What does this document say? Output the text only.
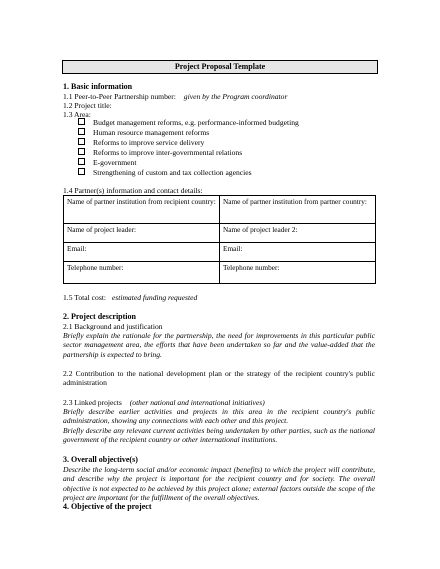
Project Proposal Template
1. Basic information
1.1 Peer-to-Peer Partnership number: given by the Program coordinator
1.2 Project title:
1.3 Area:
Budget management reforms, e.g. performance-informed budgeting
Human resource management reforms
Reforms to improve service delivery
Reforms to improve inter-governmental relations
E-government
Strengthening of custom and tax collection agencies
1.4 Partner(s) information and contact details:
Name of partner institution from recipient country:	Name of partner institution from partner country:
Name of project leader:	Name of project leader 2:
Email:	Email:
Telephone number:	Telephone number:
1.5 Total cost: estimated funding requested
2. Project description
2.1 Background and justification
Briefly explain the rationale for the partnership, the need for improvements in this particular public sector management area, the efforts that have been undertaken so far and the value-added that the partnership is expected to bring.
2.2 Contribution to the national development plan or the strategy of the recipient country's public administration
2.3 Linked projects (other national and international initiatives)
Briefly describe earlier activities and projects in this area in the recipient country's public administration, showing any connections with each other and this project.
Briefly describe any relevant current activities being undertaken by other parties, such as the national government of the recipient country or other international institutions.
3. Overall objective(s)
Describe the long-term social and/or economic impact (benefits) to which the project will contribute, and describe why the project is important for the recipient country and for society. The overall objective is not expected to be achieved by this project alone; external factors outside the scope of the project are important for the fulfillment of the overall objectives.
4. Objective of the project
